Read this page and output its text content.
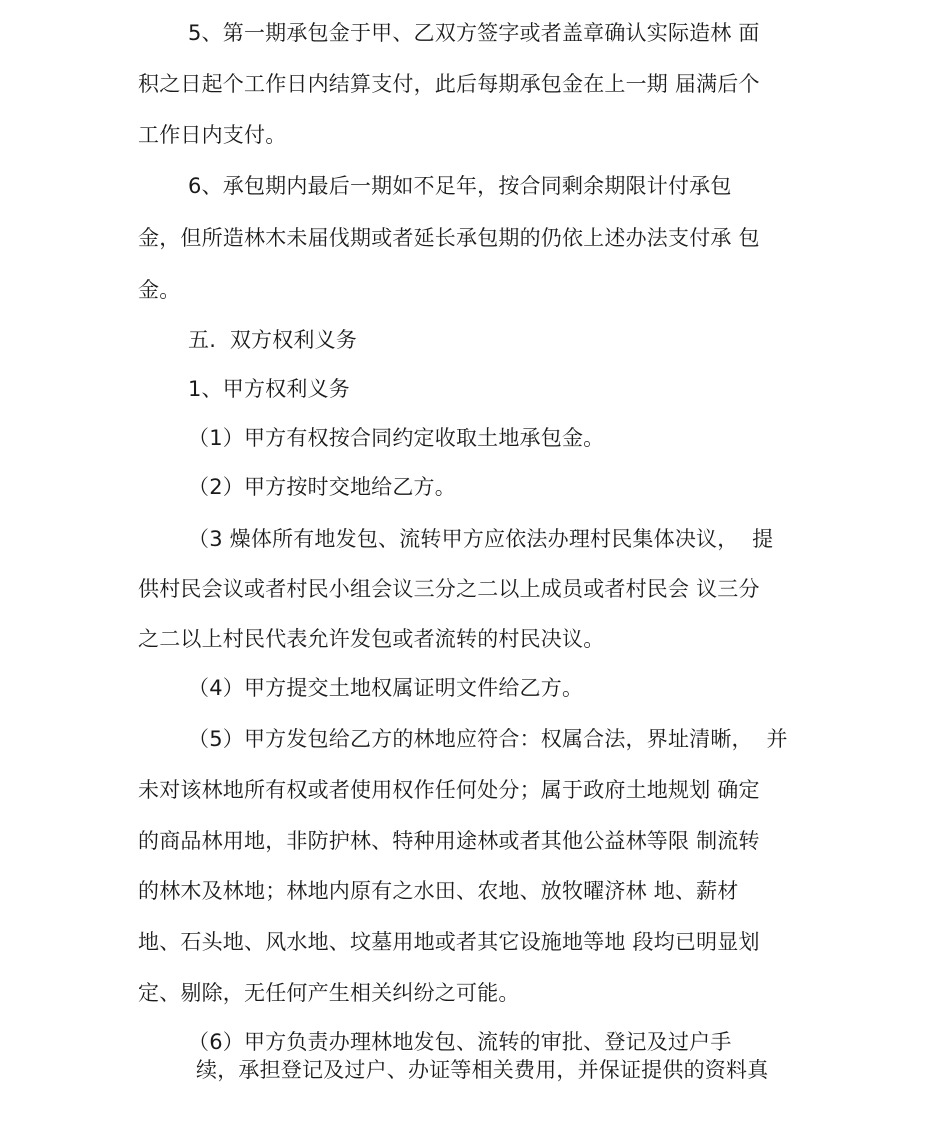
5、第一期承包金于甲、乙双方签字或者盖章确认实际造林 面
积之日起个工作日内结算支付，此后每期承包金在上一期 届满后个
工作日内支付。
6、承包期内最后一期如不足年，按合同剩余期限计付承包
金，但所造林木未届伐期或者延长承包期的仍依上述办法支付承 包
金。
五.  双方权利义务
1、甲方权利义务
（1）甲方有权按合同约定收取土地承包金。
（2）甲方按时交地给乙方。
（3 燥体所有地发包、流转甲方应依法办理村民集体决议，  提
供村民会议或者村民小组会议三分之二以上成员或者村民会 议三分
之二以上村民代表允许发包或者流转的村民决议。
（4）甲方提交土地权属证明文件给乙方。
（5）甲方发包给乙方的林地应符合：权属合法，界址清晰，  并
未对该林地所有权或者使用权作任何处分；属于政府土地规划 确定
的商品林用地，非防护林、特种用途林或者其他公益林等限 制流转
的林木及林地；林地内原有之水田、农地、放牧曜济林 地、薪材
地、石头地、风水地、坟墓用地或者其它设施地等地 段均已明显划
定、剔除，无任何产生相关纠纷之可能。
（6）甲方负责办理林地发包、流转的审批、登记及过户手
续，承担登记及过户、办证等相关费用，并保证提供的资料真
